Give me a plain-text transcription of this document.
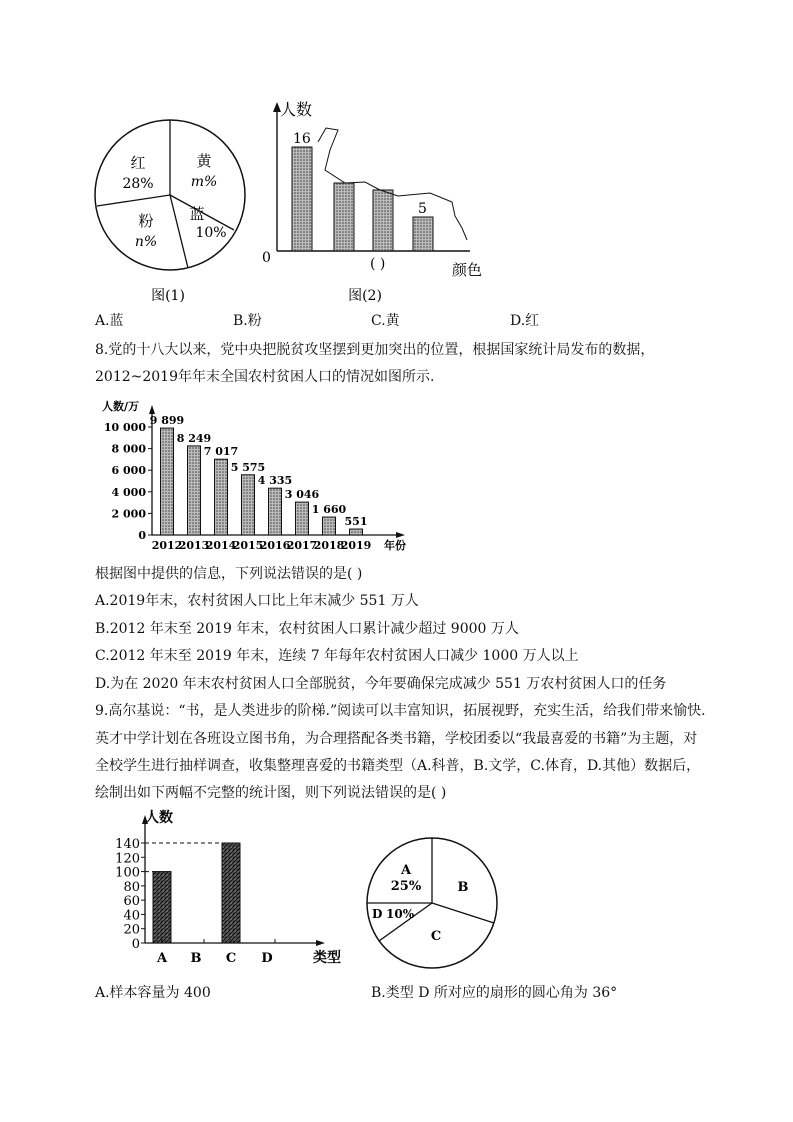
红
28%
黄
m%
蓝
10%
粉
n%
图(1)
人数
0
16
5
( )	颜色
图(2)
人数/万
年份
0
2 000
4 000
6 000
8 000
10 000
9 899
2012
8 249
2013
7 017
2014
5 575
2015
4 335
2016
3 046
2017
1 660
2018
551
2019
人数
类型
0
20
40
60
80
100
120
140
A B C D
A
25%	B
C
D 10%
A.蓝	B.粉	C.黄	D.红
8.党的十八大以来，党中央把脱贫攻坚摆到更加突出的位置，根据国家统计局发布的数据，
2012~2019年年末全国农村贫困人口的情况如图所示.
根据图中提供的信息，下列说法错误的是( )
A.2019年末，农村贫困人口比上年末减少 551 万人
B.2012 年末至 2019 年末，农村贫困人口累计减少超过 9000 万人
C.2012 年末至 2019 年末，连续 7 年每年农村贫困人口减少 1000 万人以上
D.为在 2020 年末农村贫困人口全部脱贫，今年要确保完成减少 551 万农村贫困人口的任务
9.高尔基说：“书，是人类进步的阶梯.”阅读可以丰富知识，拓展视野，充实生活，给我们带来愉快.
英才中学计划在各班设立图书角，为合理搭配各类书籍，学校团委以“我最喜爱的书籍”为主题，对
全校学生进行抽样调查，收集整理喜爱的书籍类型（A.科普，B.文学，C.体育，D.其他）数据后，
绘制出如下两幅不完整的统计图，则下列说法错误的是( )
A.样本容量为 400	B.类型 D 所对应的扇形的圆心角为 36°
